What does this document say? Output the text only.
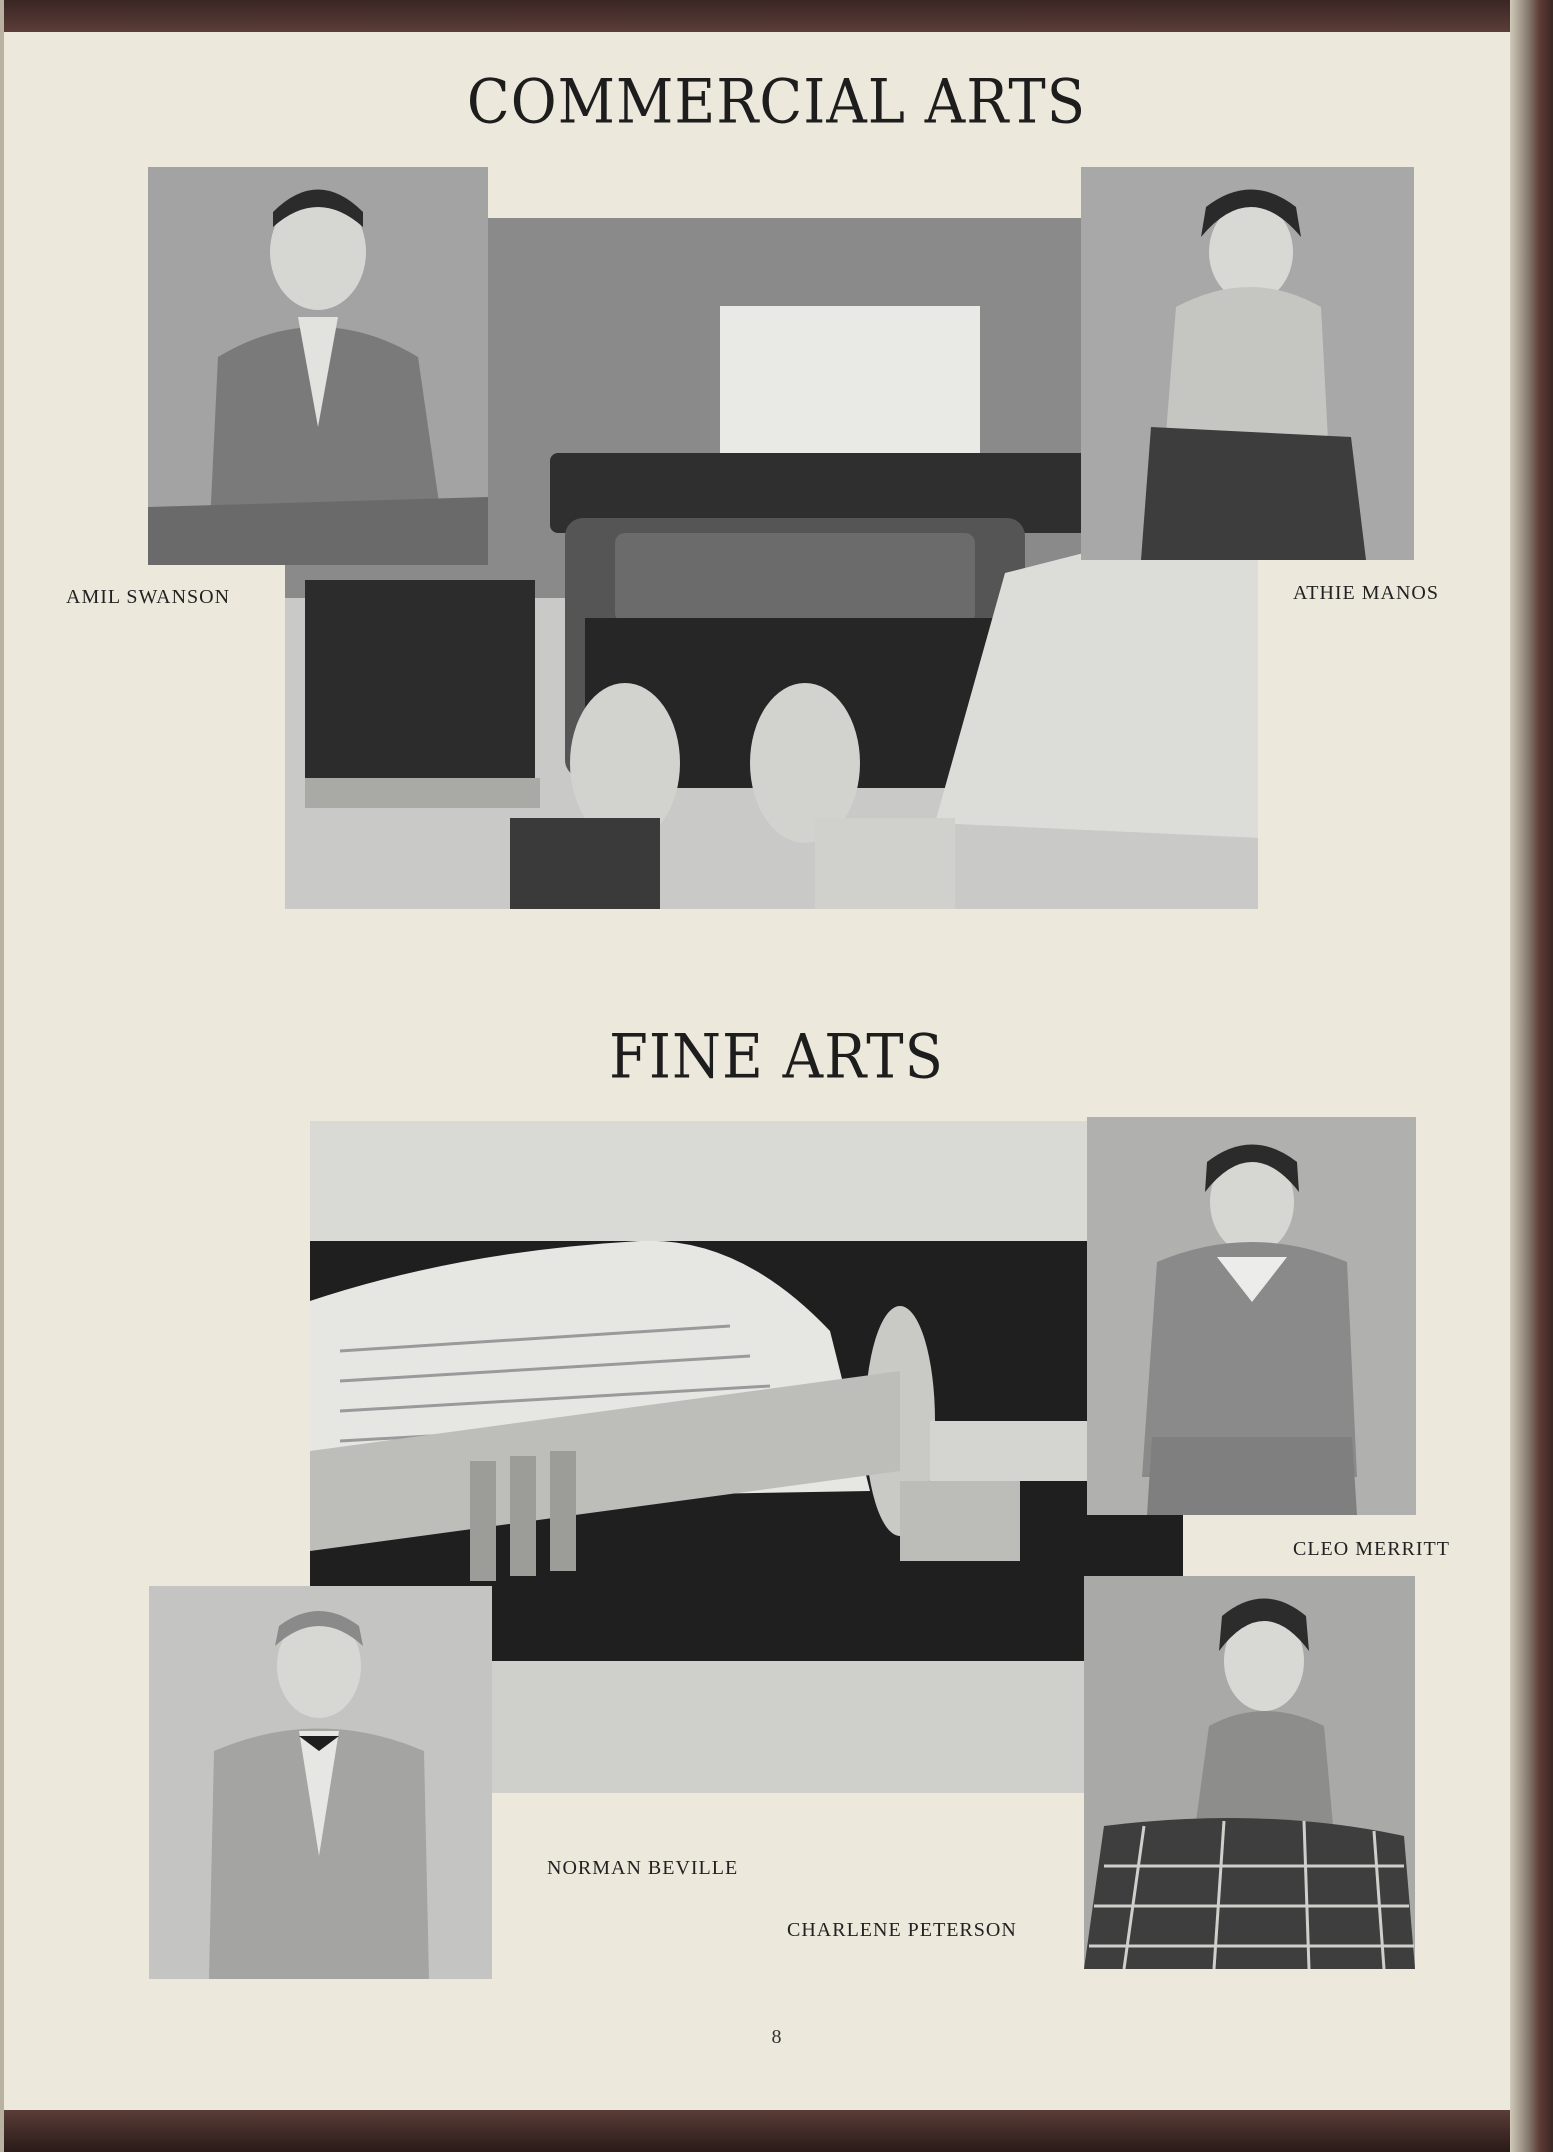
COMMERCIAL ARTS
AMIL SWANSON	ATHIE MANOS
FINE ARTS
CLEO MERRITT
NORMAN BEVILLE
CHARLENE PETERSON
8
